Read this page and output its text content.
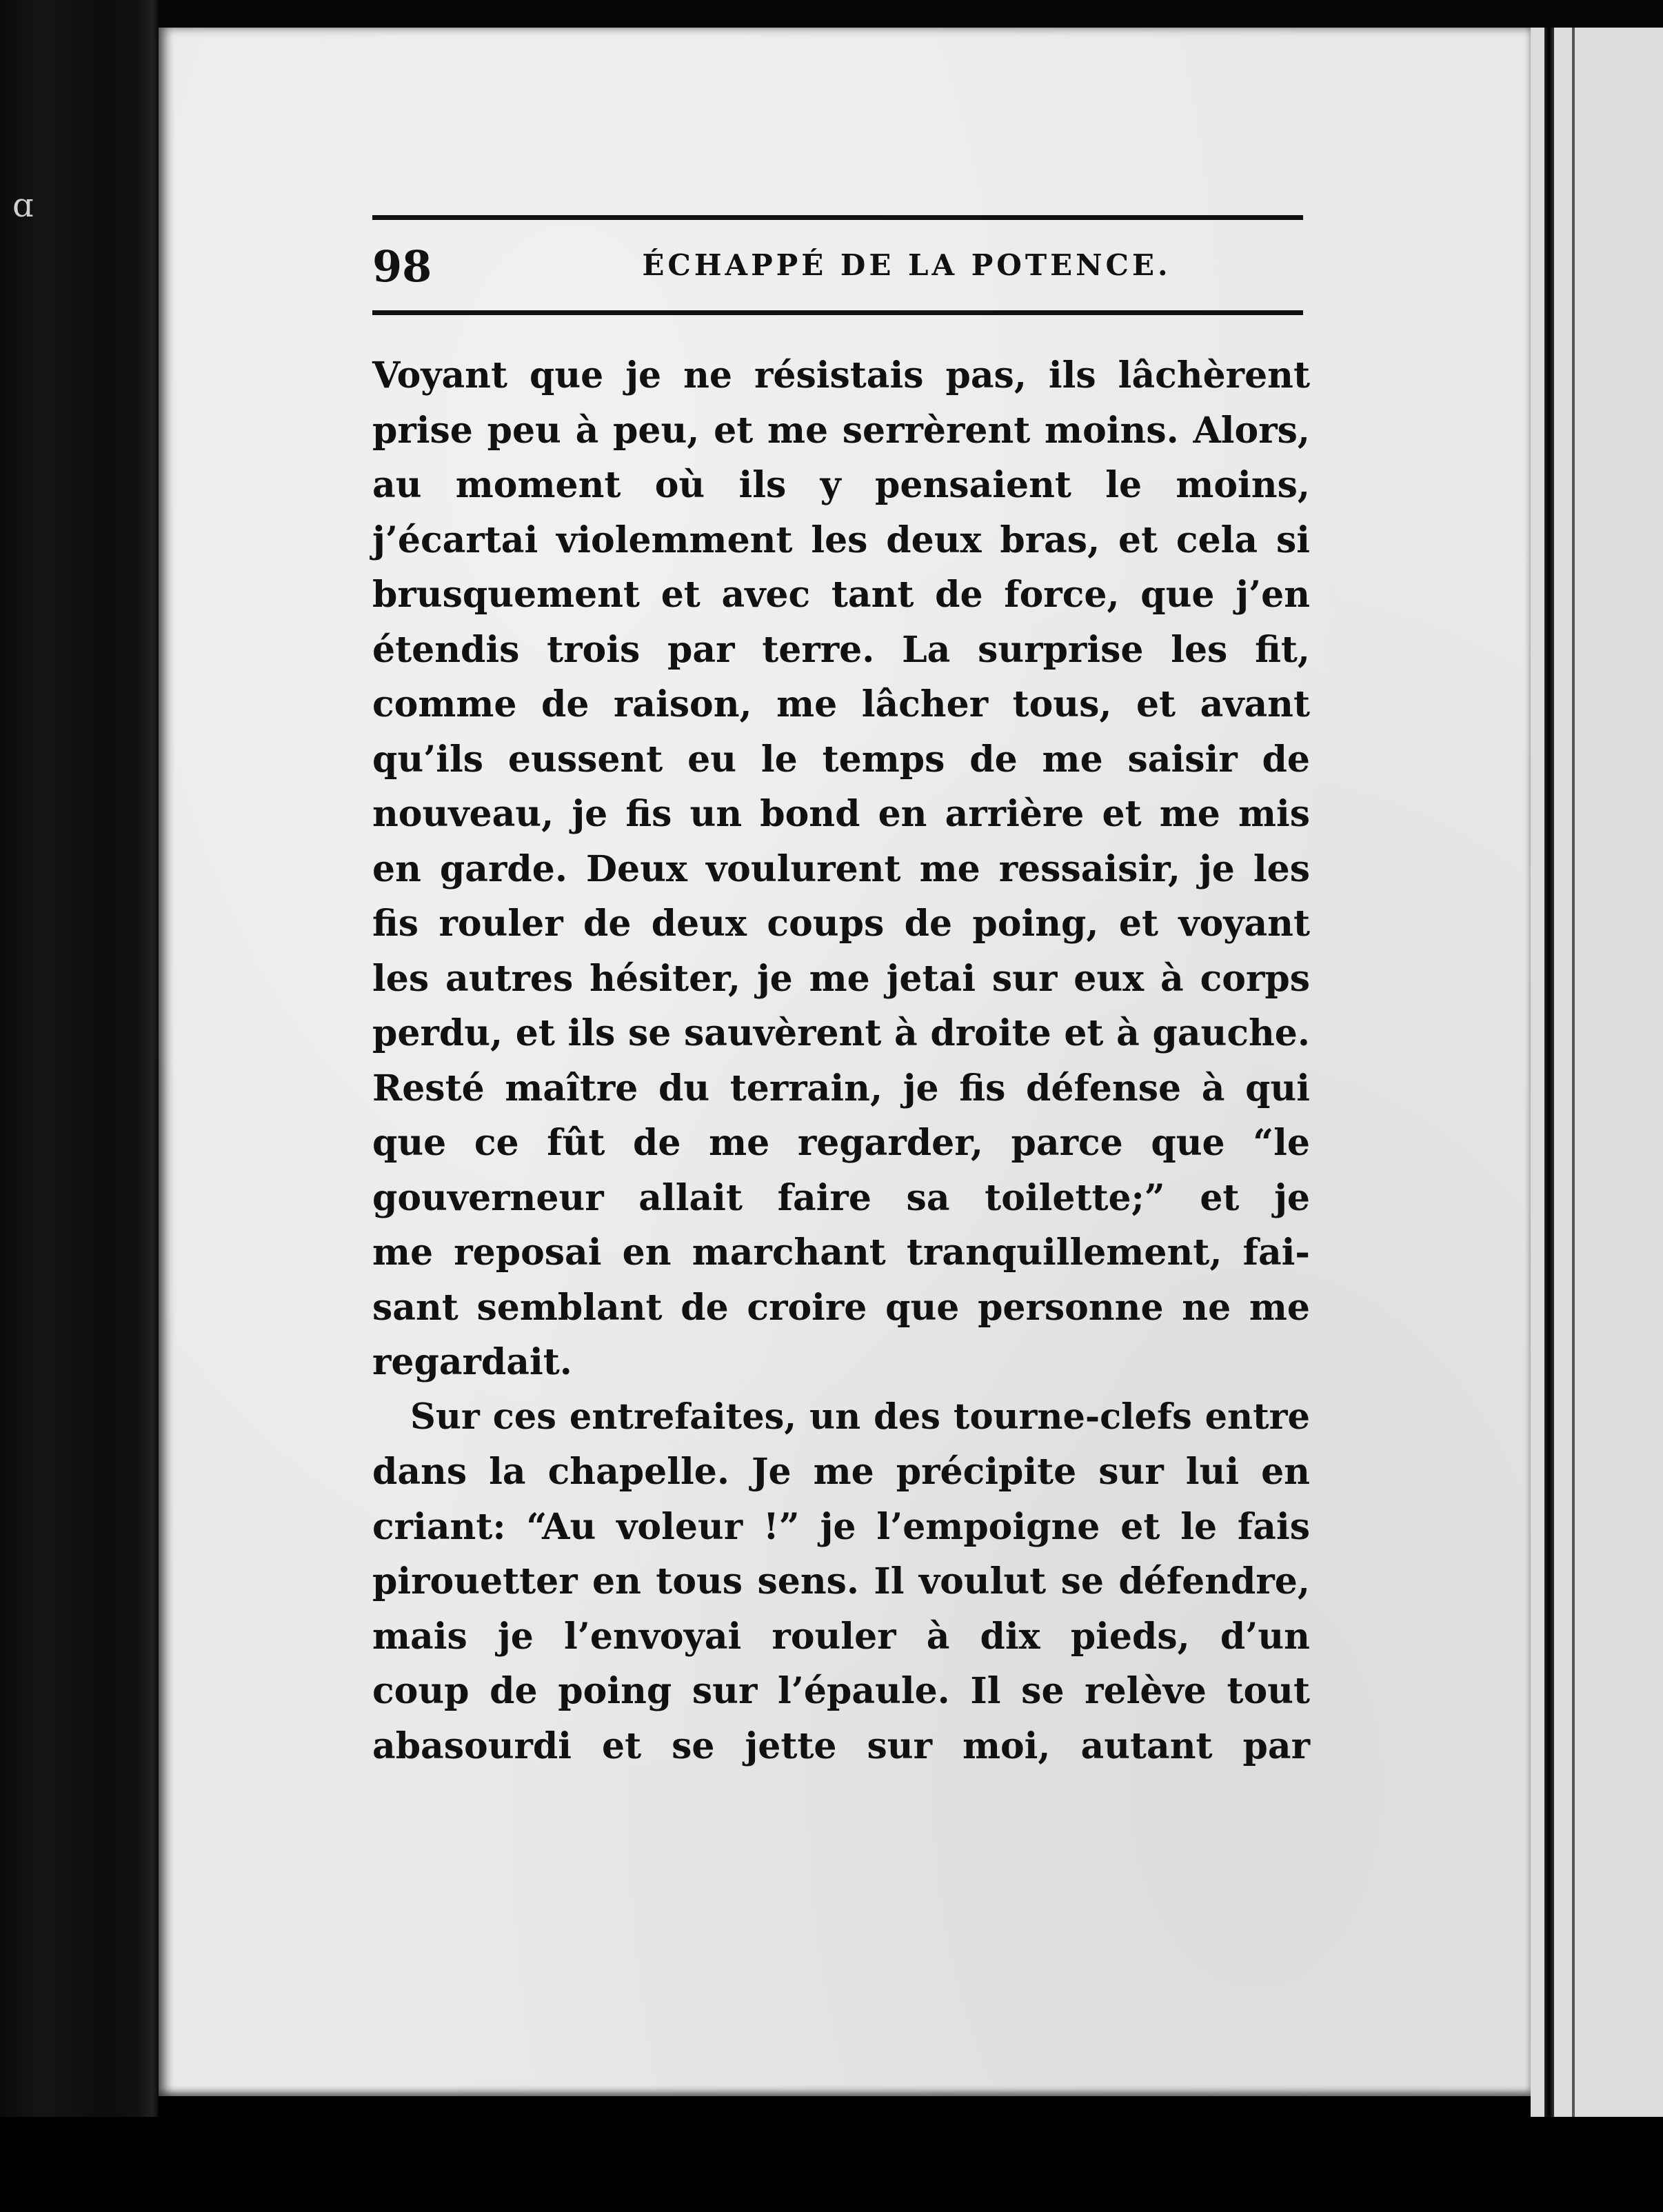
ɑ
98	ÉCHAPPÉ DE LA POTENCE.
Voyant que je ne résistais pas, ils lâchèrent
prise peu à peu, et me serrèrent moins. Alors,
au moment où ils y pensaient le moins,
j’écartai violemment les deux bras, et cela si
brusquement et avec tant de force, que j’en
étendis trois par terre. La surprise les fit,
comme de raison, me lâcher tous, et avant
qu’ils eussent eu le temps de me saisir de
nouveau, je fis un bond en arrière et me mis
en garde. Deux voulurent me ressaisir, je les
fis rouler de deux coups de poing, et voyant
les autres hésiter, je me jetai sur eux à corps
perdu, et ils se sauvèrent à droite et à gauche.
Resté maître du terrain, je fis défense à qui
que ce fût de me regarder, parce que “le
gouverneur allait faire sa toilette;” et je
me reposai en marchant tranquillement, fai-
sant semblant de croire que personne ne me
regardait.
Sur ces entrefaites, un des tourne-clefs entre
dans la chapelle. Je me précipite sur lui en
criant: “Au voleur !” je l’empoigne et le fais
pirouetter en tous sens. Il voulut se défendre,
mais je l’envoyai rouler à dix pieds, d’un
coup de poing sur l’épaule. Il se relève tout
abasourdi et se jette sur moi, autant par
